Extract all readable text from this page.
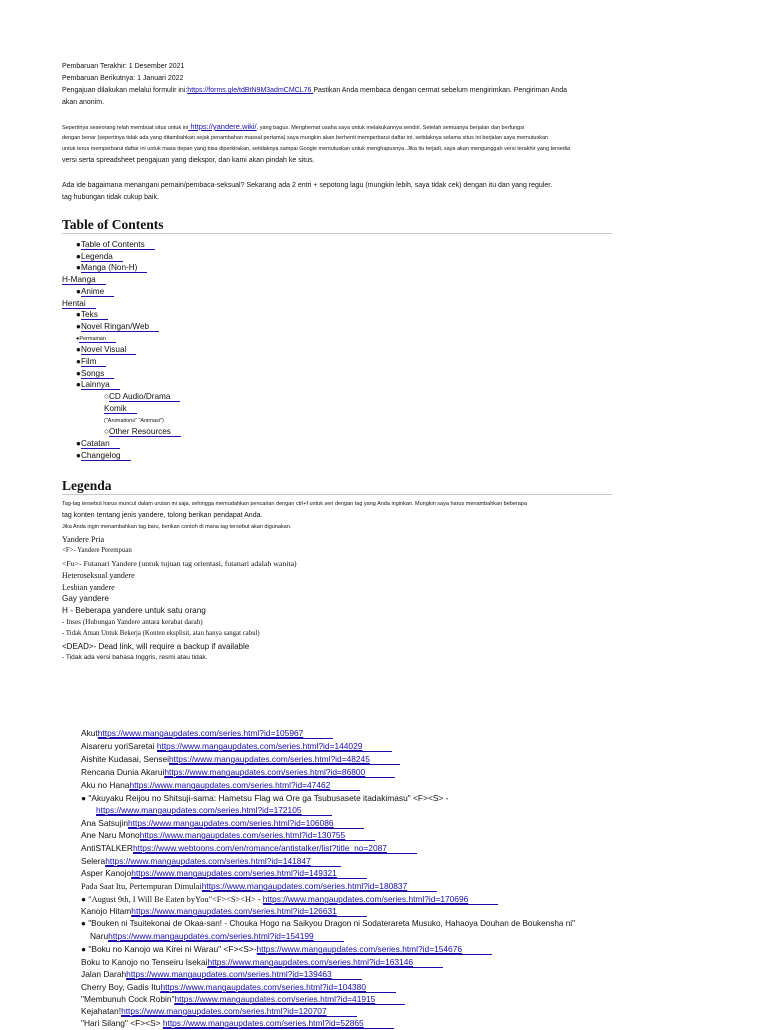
Pembaruan Terakhir: 1 Desember 2021
Pembaruan Berikutnya: 1 Januari 2022
Pengajuan dilakukan melalui formulir ini:https://forms.gle/tdBtN9M3admCMCL76 Pastikan Anda membaca dengan cermat sebelum mengirimkan. Pengiriman Anda
akan anonim.
Sepertinya seseorang telah membuat situs untuk ini https://yandere.wiki/, yang bagus. Menghemat usaha saya untuk melakukannya sendiri. Setelah semuanya berjalan dan berfungsi
dengan benar (sepertinya tidak ada yang ditambahkan sejak penambahan massal pertama) saya mungkin akan berhenti memperbarui daftar ini, setidaknya selama situs ini berjalan saya memutuskan
untuk terus memperbarui daftar ini untuk masa depan yang bisa diperkirakan, setidaknya sampai Google memutuskan untuk menghapusnya. Jika itu terjadi, saya akan mengunggah versi terakhir yang tersedia
versi serta spreadsheet pengajuan yang diekspor, dan kami akan pindah ke situs.
Ada ide bagaimana menangani pemain/pembaca-seksual? Sekarang ada 2 entri + sepotong lagu (mungkin lebih, saya tidak cek) dengan itu dan yang reguler.
tag hubungan tidak cukup baik.
Table of Contents
●Table of Contents
●Legenda
●Manga (Non-H)
H-Manga
●Anime
Hentai
●Teks
●Novel Ringan/Web
●Permainan
●Novel Visual
●Film
●Songs
●Lainnya
○CD Audio/Drama
Komik
("Animations" "Animasi")
○Other Resources
●Catatan
●Changelog
Legenda
Tag-tag tersebut harus muncul dalam urutan ini saja, sehingga memudahkan pencarian dengan ctrl+f untuk seri dengan tag yang Anda inginkan. Mungkin saya harus menambahkan beberapa
tag konten tentang jenis yandere, tolong berikan pendapat Anda.
Jika Anda ingin menambahkan tag baru, berikan contoh di mana tag tersebut akan digunakan.
Yandere Pria
<F>- Yandere Perempuan
<Fu>- Futanari Yandere (untuk tujuan tag orientasi, futanari adalah wanita)
Heteroseksual yandere
Lesbian yandere
Gay yandere
H - Beberapa yandere untuk satu orang
- Inses (Hubungan Yandere antara kerabat darah)
- Tidak Aman Untuk Bekerja (Konten eksplisit, atau hanya sangat cabul)
<DEAD>- Dead link, will require a backup if available
- Tidak ada versi bahasa Inggris, resmi atau tidak.
Akuthttps://www.mangaupdates.com/series.html?id=105967
Aisareru yoriSaretai https://www.mangaupdates.com/series.html?id=144029
Aishite Kudasai, Senseihttps://www.mangaupdates.com/series.html?id=48245
Rencana Dunia Akaruihttps://www.mangaupdates.com/series.html?id=86800
Aku no Hanahttps://www.mangaupdates.com/series.html?id=47462
● "Akuyaku Reijou no Shitsuji-sama: Hametsu Flag wa Ore ga Tsubusasete itadakimasu" <F><S> -
https://www.mangaupdates.com/series.html?id=172105
Ana Satsujinhttps://www.mangaupdates.com/series.html?id=106086
Ane Naru Monohttps://www.mangaupdates.com/series.html?id=130755
AntiSTALKERhttps://www.webtoons.com/en/romance/antistalker/list?title_no=2087
Selerahttps://www.mangaupdates.com/series.html?id=141847
Asper Kanojohttps://www.mangaupdates.com/series.html?id=149321
Pada Saat Itu, Pertempuran Dimulaihttps://www.mangaupdates.com/series.html?id=180837
● "August 9th, I Will Be Eaten byYou"<F><S><H> - https://www.mangaupdates.com/series.html?id=170696
Kanojo Hitamhttps://www.mangaupdates.com/series.html?id=126631
● "Bouken ni Tsuitekonai de Okaa-san! - Chouka Hogo na Saikyou Dragon ni Sodaterareta Musuko, Hahaoya Douhan de Boukensha ni"
Naruhttps://www.mangaupdates.com/series.html?id=154199
● "Boku no Kanojo wa Kirei ni Warau" <F><S>-https://www.mangaupdates.com/series.html?id=154676
Boku to Kanojo no Tenseiru Isekaihttps://www.mangaupdates.com/series.html?id=163146
Jalan Darahhttps://www.mangaupdates.com/series.html?id=139463
Cherry Boy, Gadis Ituhttps://www.mangaupdates.com/series.html?id=104380
"Membunuh Cock Robin"https://www.mangaupdates.com/series.html?id=41915
Kejahatan!https://www.mangaupdates.com/series.html?id=120707
"Hari Silang" <F><S> https://www.mangaupdates.com/series.html?id=52865
